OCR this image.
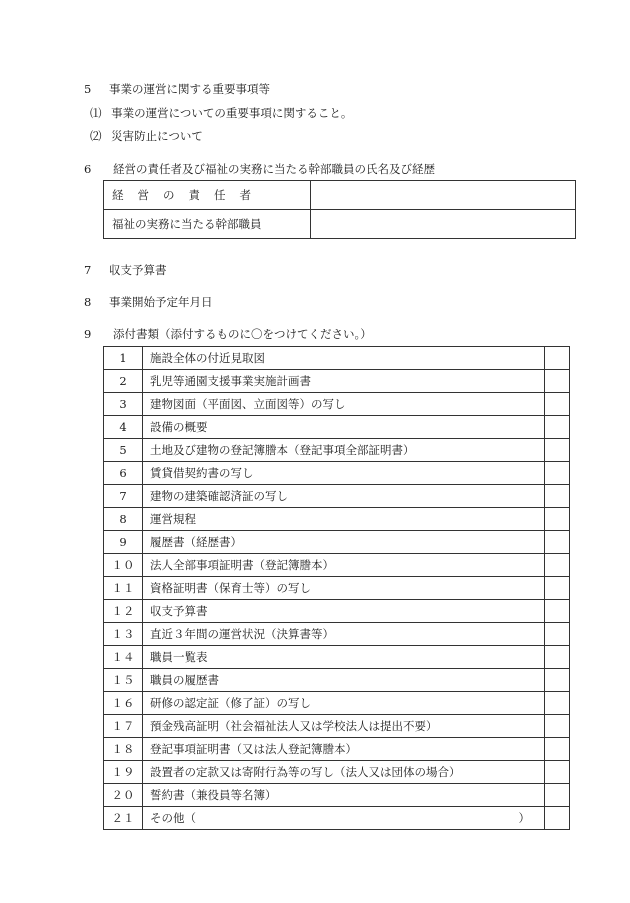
5 事業の運営に関する重要事項等
⑴ 事業の運営についての重要事項に関すること。
⑵ 災害防止について
6 経営の責任者及び福祉の実務に当たる幹部職員の氏名及び経歴
経営の責任者	
福祉の実務に当たる幹部職員	
7 収支予算書
8 事業開始予定年月日
9 添付書類（添付するものに〇をつけてください。）
1	施設全体の付近見取図	
2	乳児等通園支援事業実施計画書	
3	建物図面（平面図、立面図等）の写し	
4	設備の概要	
5	土地及び建物の登記簿謄本（登記事項全部証明書）	
6	賃貸借契約書の写し	
7	建物の建築確認済証の写し	
8	運営規程	
9	履歴書（経歴書）	
１０	法人全部事項証明書（登記簿謄本）	
１１	資格証明書（保育士等）の写し	
１２	収支予算書	
１３	直近３年間の運営状況（決算書等）	
１４	職員一覧表	
１５	職員の履歴書	
１６	研修の認定証（修了証）の写し	
１７	預金残高証明（社会福祉法人又は学校法人は提出不要）	
１８	登記事項証明書（又は法人登記簿謄本）	
１９	設置者の定款又は寄附行為等の写し（法人又は団体の場合）	
２０	誓約書（兼役員等名簿）	
２１	その他（ ）	
